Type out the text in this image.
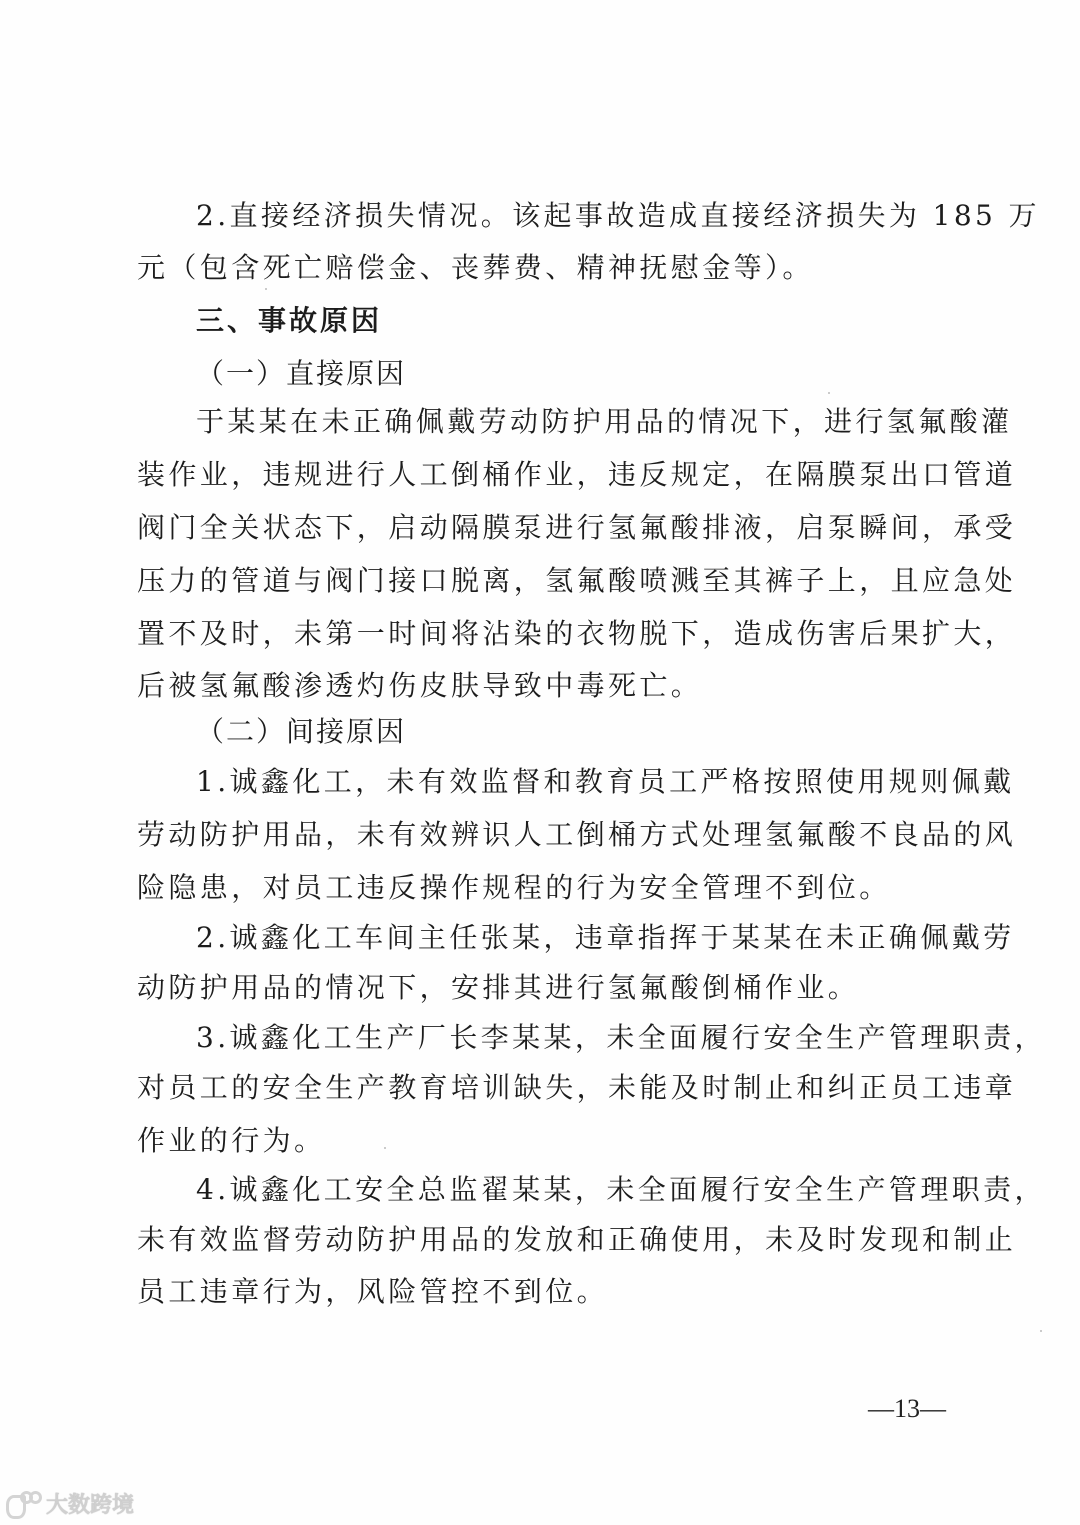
2.直接经济损失情况。该起事故造成直接经济损失为 185 万
元（包含死亡赔偿金、丧葬费、精神抚慰金等）。
三、事故原因
（一）直接原因
于某某在未正确佩戴劳动防护用品的情况下，进行氢氟酸灌
装作业，违规进行人工倒桶作业，违反规定，在隔膜泵出口管道
阀门全关状态下，启动隔膜泵进行氢氟酸排液，启泵瞬间，承受
压力的管道与阀门接口脱离，氢氟酸喷溅至其裤子上，且应急处
置不及时，未第一时间将沾染的衣物脱下，造成伤害后果扩大，
后被氢氟酸渗透灼伤皮肤导致中毒死亡。
（二）间接原因
1.诚鑫化工，未有效监督和教育员工严格按照使用规则佩戴
劳动防护用品，未有效辨识人工倒桶方式处理氢氟酸不良品的风
险隐患，对员工违反操作规程的行为安全管理不到位。
2.诚鑫化工车间主任张某，违章指挥于某某在未正确佩戴劳
动防护用品的情况下，安排其进行氢氟酸倒桶作业。
3.诚鑫化工生产厂长李某某，未全面履行安全生产管理职责，
对员工的安全生产教育培训缺失，未能及时制止和纠正员工违章
作业的行为。
4.诚鑫化工安全总监翟某某，未全面履行安全生产管理职责，
未有效监督劳动防护用品的发放和正确使用，未及时发现和制止
员工违章行为，风险管控不到位。
—13—
大数跨境
